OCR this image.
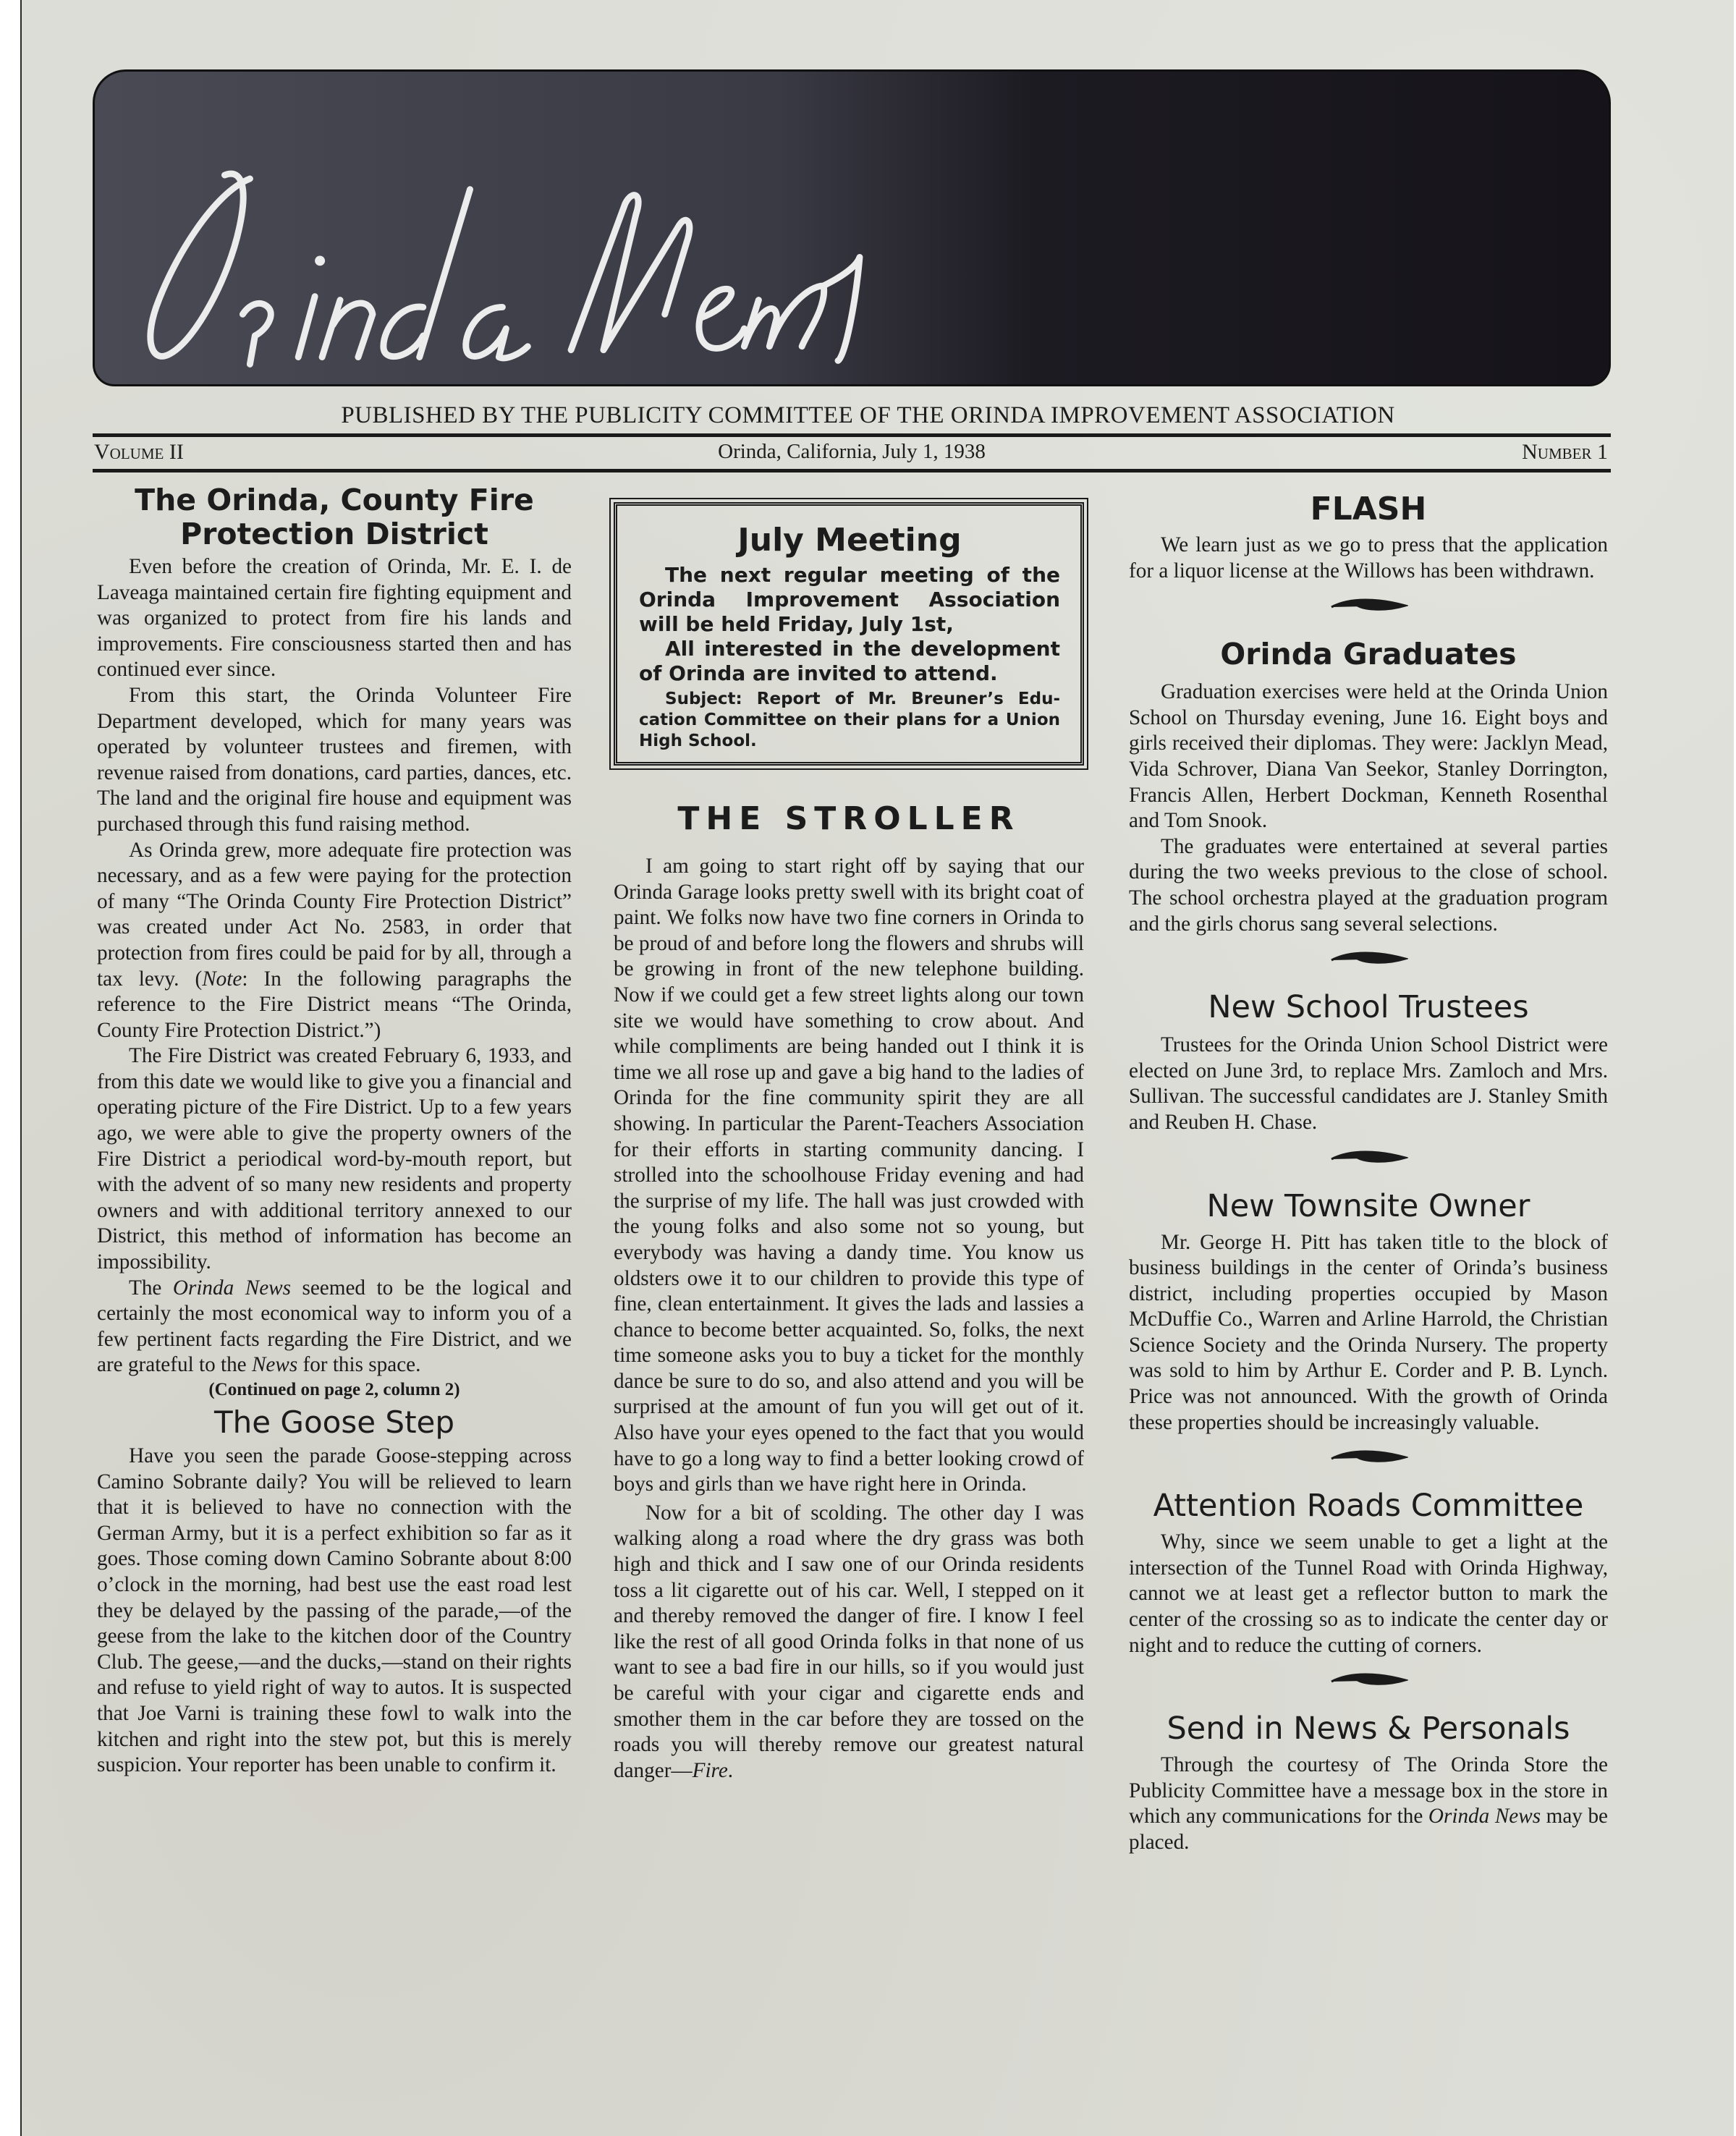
PUBLISHED BY THE PUBLICITY COMMITTEE OF THE ORINDA IMPROVEMENT ASSOCIATION
Volume II	Orinda, California, July 1, 1938	Number 1
The Orinda, County Fire
Protection District

Even before the creation of Orinda, Mr. E. I. de Laveaga maintained certain fire fighting equipment and was organized to protect from fire his lands and improvements. Fire consciousness started then and has continued ever since.

From this start, the Orinda Volunteer Fire Department developed, which for many years was operated by volunteer trustees and firemen, with revenue raised from donations, card parties, dances, etc. The land and the original fire house and equipment was purchased through this fund raising method.

As Orinda grew, more adequate fire protection was necessary, and as a few were paying for the protection of many “The Orinda County Fire Protection District” was created under Act No. 2583, in order that protection from fires could be paid for by all, through a tax levy. (Note: In the following paragraphs the reference to the Fire District means “The Orinda, County Fire Protection District.”)

The Fire District was created February 6, 1933, and from this date we would like to give you a financial and operating picture of the Fire District. Up to a few years ago, we were able to give the property owners of the Fire District a periodical word-by-mouth report, but with the advent of so many new residents and property owners and with additional territory annexed to our District, this method of information has become an impossibility.

The Orinda News seemed to be the logical and certainly the most economical way to inform you of a few pertinent facts regarding the Fire District, and we are grateful to the News for this space.

(Continued on page 2, column 2)
The Goose Step

Have you seen the parade Goose-stepping across Camino Sobrante daily? You will be relieved to learn that it is believed to have no connection with the German Army, but it is a perfect exhibition so far as it goes. Those coming down Camino Sobrante about 8:00 o’clock in the morning, had best use the east road lest they be delayed by the passing of the parade,—of the geese from the lake to the kitchen door of the Country Club. The geese,—and the ducks,—stand on their rights and refuse to yield right of way to autos. It is suspected that Joe Varni is training these fowl to walk into the kitchen and right into the stew pot, but this is merely suspicion. Your reporter has been unable to confirm it.

July Meeting

The next regular meeting of the Orinda Improvement Association will be held Friday, July 1st,

All interested in the development of Orinda are invited to attend.

Subject: Report of Mr. Breuner’s Education Committee on their plans for a Union High School.

THE STROLLER

I am going to start right off by saying that our Orinda Garage looks pretty swell with its bright coat of paint. We folks now have two fine corners in Orinda to be proud of and before long the flowers and shrubs will be growing in front of the new telephone building. Now if we could get a few street lights along our town site we would have something to crow about. And while compliments are being handed out I think it is time we all rose up and gave a big hand to the ladies of Orinda for the fine community spirit they are all showing. In particular the Parent-Teachers Association for their efforts in starting community dancing. I strolled into the schoolhouse Friday evening and had the surprise of my life. The hall was just crowded with the young folks and also some not so young, but everybody was having a dandy time. You know us oldsters owe it to our children to provide this type of fine, clean entertainment. It gives the lads and lassies a chance to become better acquainted. So, folks, the next time someone asks you to buy a ticket for the monthly dance be sure to do so, and also attend and you will be surprised at the amount of fun you will get out of it. Also have your eyes opened to the fact that you would have to go a long way to find a better looking crowd of boys and girls than we have right here in Orinda.

Now for a bit of scolding. The other day I was walking along a road where the dry grass was both high and thick and I saw one of our Orinda residents toss a lit cigarette out of his car. Well, I stepped on it and thereby removed the danger of fire. I know I feel like the rest of all good Orinda folks in that none of us want to see a bad fire in our hills, so if you would just be careful with your cigar and cigarette ends and smother them in the car before they are tossed on the roads you will thereby remove our greatest natural danger—Fire.

FLASH

We learn just as we go to press that the application for a liquor license at the Willows has been withdrawn.

Orinda Graduates

Graduation exercises were held at the Orinda Union School on Thursday evening, June 16. Eight boys and girls received their diplomas. They were: Jacklyn Mead, Vida Schrover, Diana Van Seekor, Stanley Dorrington, Francis Allen, Herbert Dockman, Kenneth Rosenthal and Tom Snook.

The graduates were entertained at several parties during the two weeks previous to the close of school. The school orchestra played at the graduation program and the girls chorus sang several selections.

New School Trustees

Trustees for the Orinda Union School District were elected on June 3rd, to replace Mrs. Zamloch and Mrs. Sullivan. The successful candidates are J. Stanley Smith and Reuben H. Chase.

New Townsite Owner

Mr. George H. Pitt has taken title to the block of business buildings in the center of Orinda’s business district, including properties occupied by Mason McDuffie Co., Warren and Arline Harrold, the Christian Science Society and the Orinda Nursery. The property was sold to him by Arthur E. Corder and P. B. Lynch. Price was not announced. With the growth of Orinda these properties should be increasingly valuable.

Attention Roads Committee

Why, since we seem unable to get a light at the intersection of the Tunnel Road with Orinda Highway, cannot we at least get a reflector button to mark the center of the crossing so as to indicate the center day or night and to reduce the cutting of corners.

Send in News & Personals

Through the courtesy of The Orinda Store the Publicity Committee have a message box in the store in which any communications for the Orinda News may be placed.
